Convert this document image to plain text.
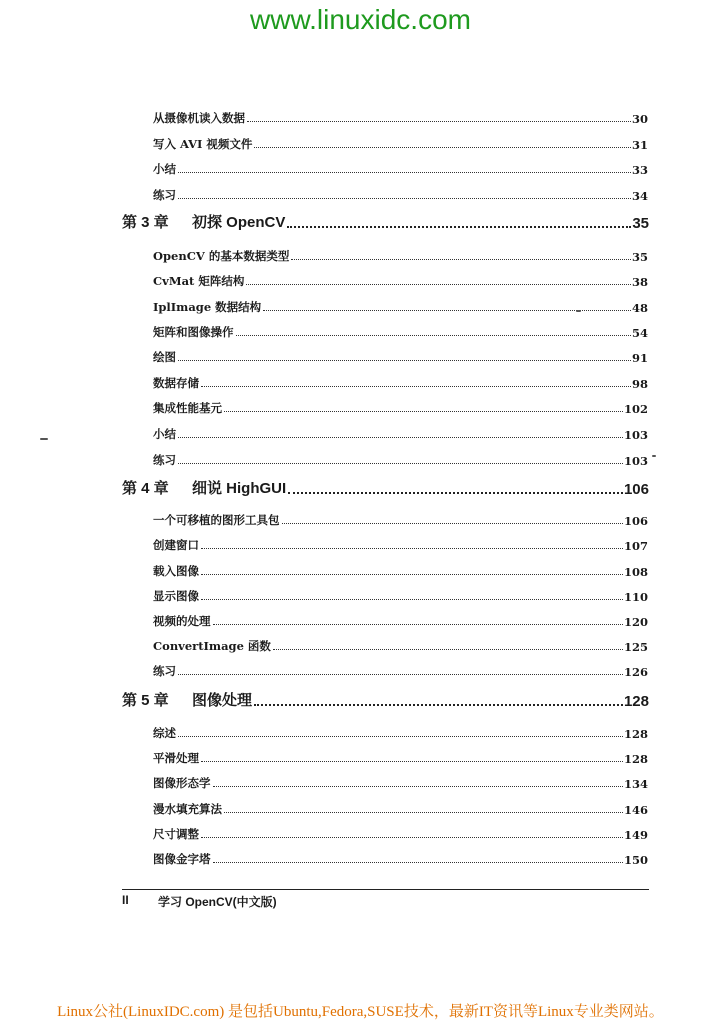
www.linuxidc.com
从摄像机读入数据	30
写入 AVI 视频文件	31
小结	33
练习	34
第 3 章	初探 OpenCV	35
OpenCV 的基本数据类型	35
CvMat 矩阵结构	38
IplImage 数据结构	48
矩阵和图像操作	54
绘图	91
数据存储	98
集成性能基元	102
小结	103
练习	103
第 4 章	细说 HighGUI	106
一个可移植的图形工具包	106
创建窗口	107
载入图像	108
显示图像	110
视频的处理	120
ConvertImage 函数	125
练习	126
第 5 章	图像处理	128
综述	128
平滑处理	128
图像形态学	134
漫水填充算法	146
尺寸调整	149
图像金字塔	150
II	学习 OpenCV(中文版)
Linux公社(LinuxIDC.com) 是包括Ubuntu,Fedora,SUSE技术，最新IT资讯等Linux专业类网站。
